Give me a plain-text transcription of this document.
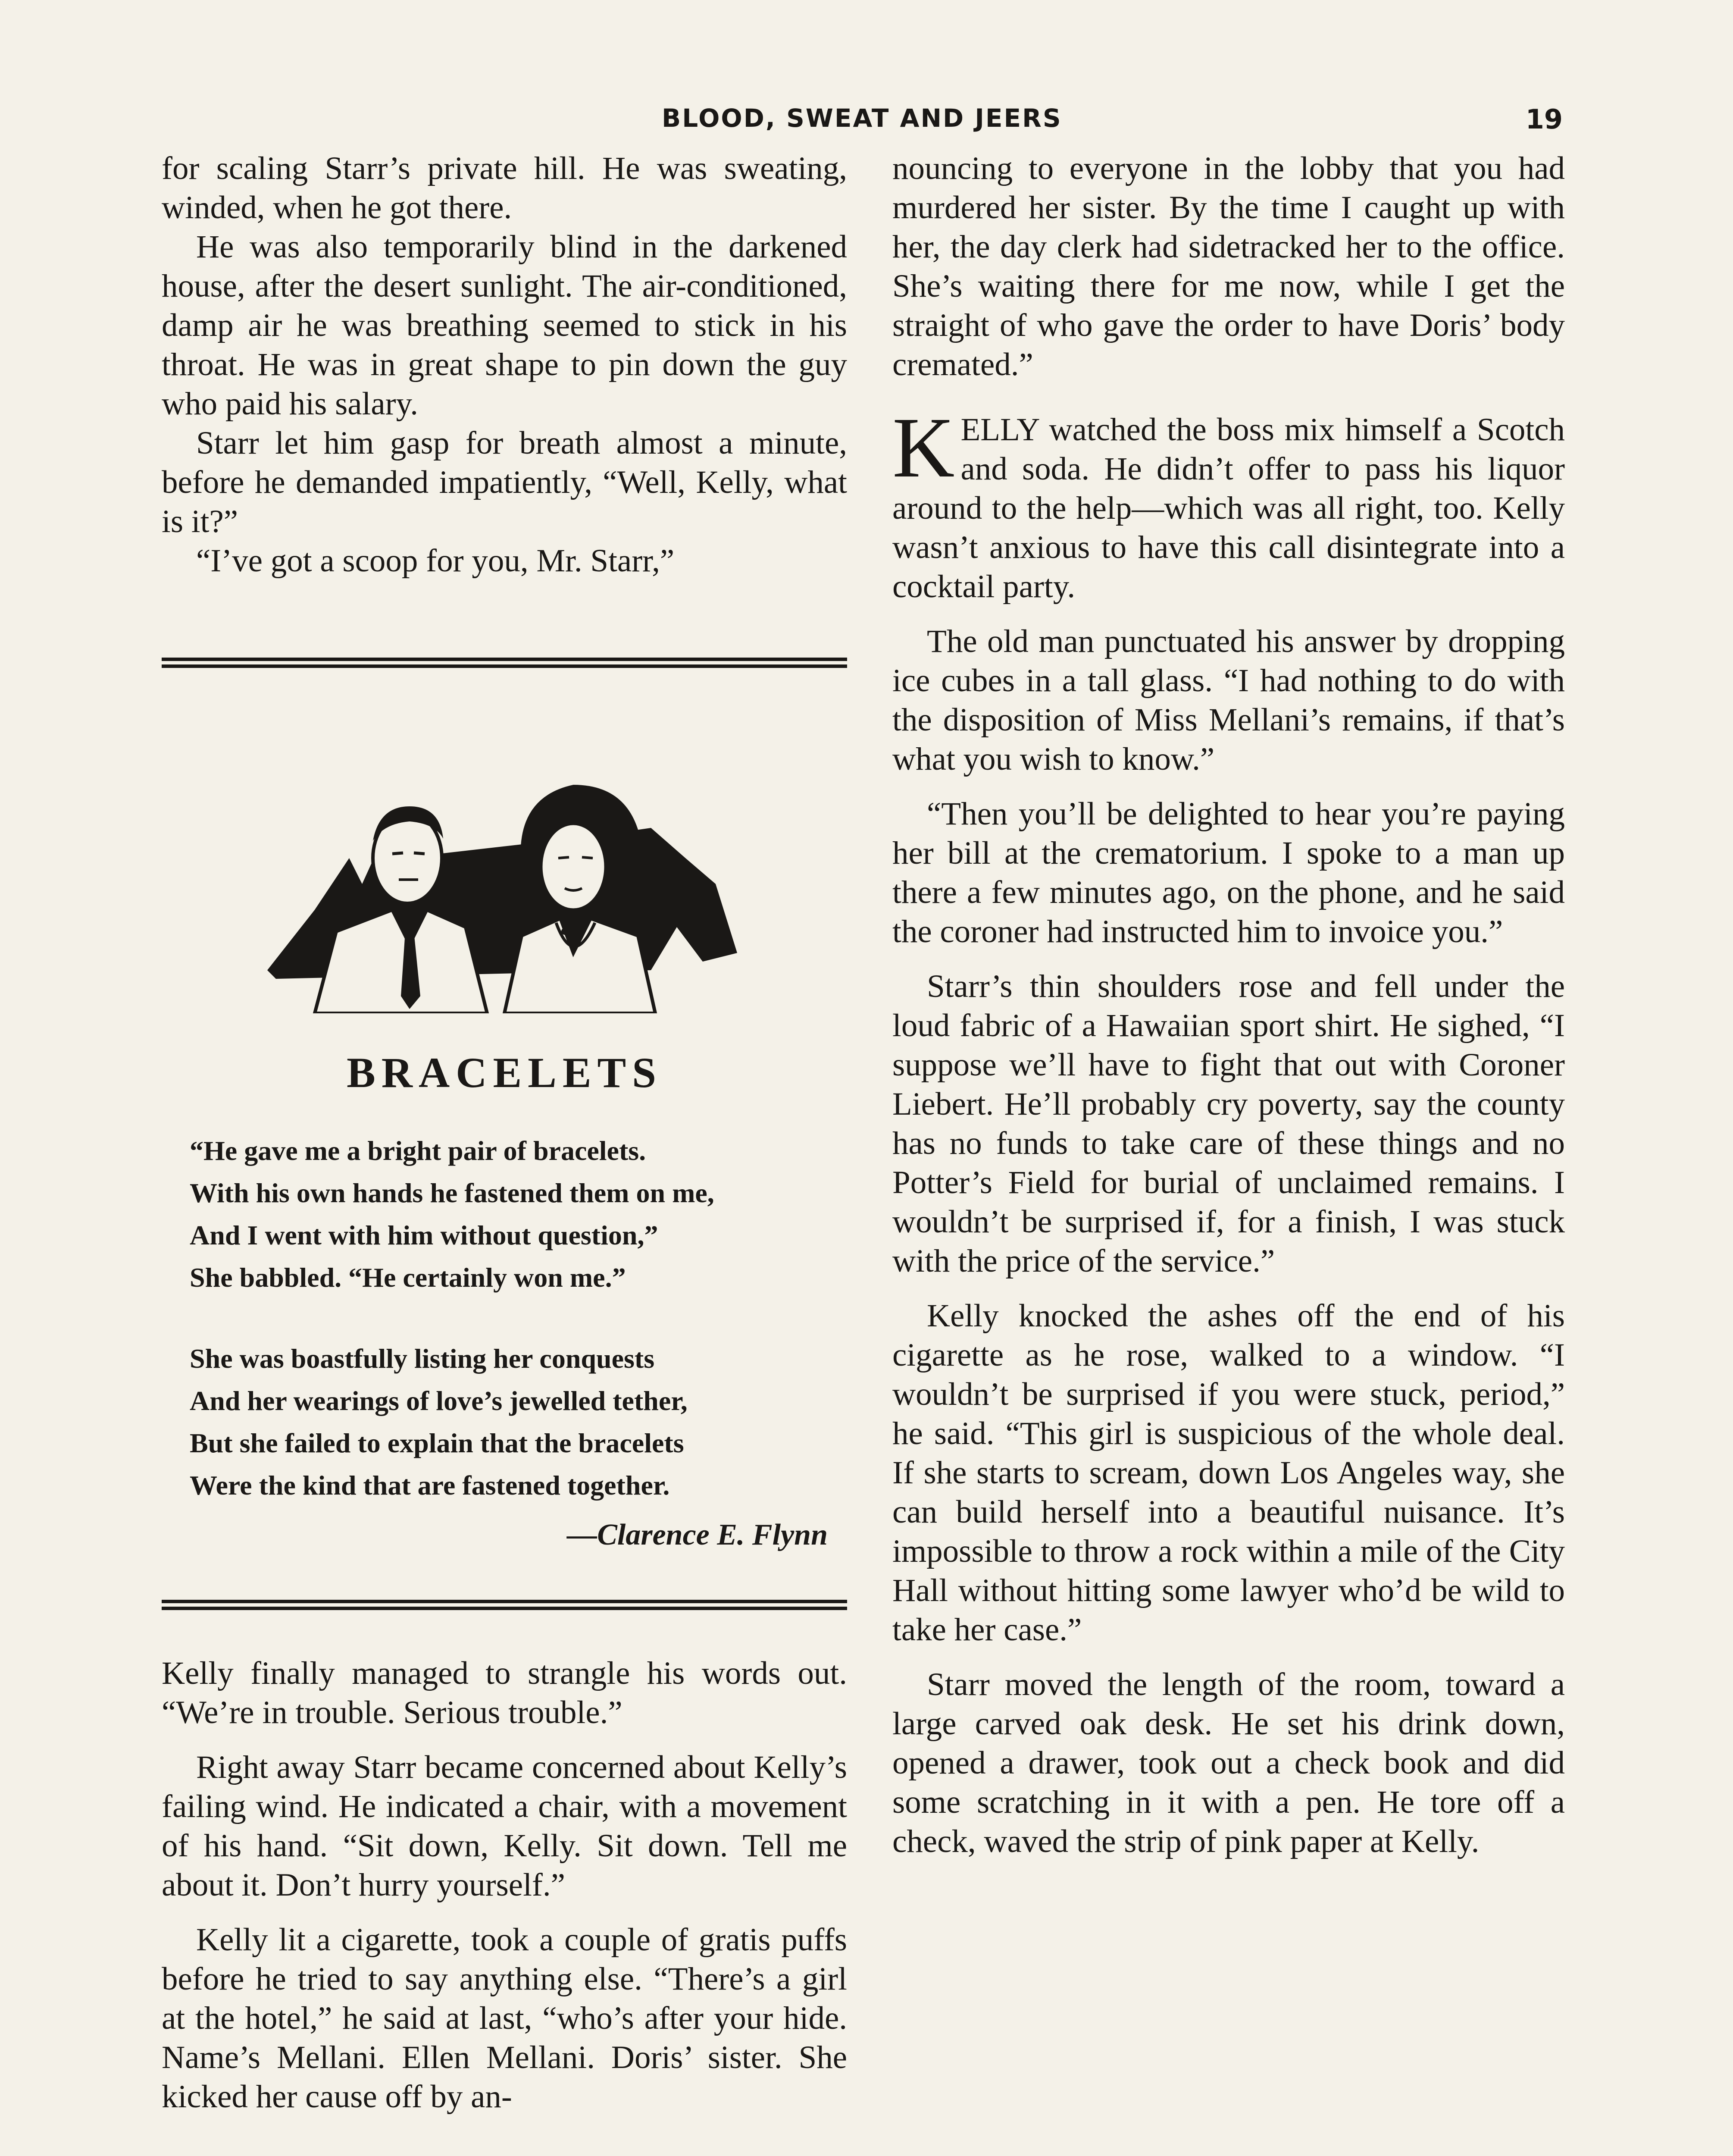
BLOOD, SWEAT AND JEERS	19

for scaling Starr’s private hill. He was sweating, winded, when he got there.

He was also temporarily blind in the darkened house, after the desert sunlight. The air-conditioned, damp air he was breathing seemed to stick in his throat. He was in great shape to pin down the guy who paid his salary.

Starr let him gasp for breath almost a minute, before he demanded impatiently, “Well, Kelly, what is it?”

“I’ve got a scoop for you, Mr. Starr,”

BRACELETS
“He gave me a bright pair of bracelets.
With his own hands he fastened them on me,
And I went with him without question,”
She babbled. “He certainly won me.”
She was boastfully listing her conquests
And her wearings of love’s jewelled tether,
But she failed to explain that the bracelets
Were the kind that are fastened together.
—Clarence E. Flynn

Kelly finally managed to strangle his words out. “We’re in trouble. Serious trouble.”

Right away Starr became concerned about Kelly’s failing wind. He indicated a chair, with a movement of his hand. “Sit down, Kelly. Sit down. Tell me about it. Don’t hurry yourself.”

Kelly lit a cigarette, took a couple of gratis puffs before he tried to say anything else. “There’s a girl at the hotel,” he said at last, “who’s after your hide. Name’s Mellani. Ellen Mellani. Doris’ sister. She kicked her cause off by an-

nouncing to everyone in the lobby that you had murdered her sister. By the time I caught up with her, the day clerk had sidetracked her to the office. She’s waiting there for me now, while I get the straight of who gave the order to have Doris’ body cremated.”

KELLY watched the boss mix himself a Scotch and soda. He didn’t offer to pass his liquor around to the help—which was all right, too. Kelly wasn’t anxious to have this call disintegrate into a cocktail party.

The old man punctuated his answer by dropping ice cubes in a tall glass. “I had nothing to do with the disposition of Miss Mellani’s remains, if that’s what you wish to know.”

“Then you’ll be delighted to hear you’re paying her bill at the crematorium. I spoke to a man up there a few minutes ago, on the phone, and he said the coroner had instructed him to invoice you.”

Starr’s thin shoulders rose and fell under the loud fabric of a Hawaiian sport shirt. He sighed, “I suppose we’ll have to fight that out with Coroner Liebert. He’ll probably cry poverty, say the county has no funds to take care of these things and no Potter’s Field for burial of unclaimed remains. I wouldn’t be surprised if, for a finish, I was stuck with the price of the service.”

Kelly knocked the ashes off the end of his cigarette as he rose, walked to a window. “I wouldn’t be surprised if you were stuck, period,” he said. “This girl is suspicious of the whole deal. If she starts to scream, down Los Angeles way, she can build herself into a beautiful nuisance. It’s impossible to throw a rock within a mile of the City Hall without hitting some lawyer who’d be wild to take her case.”

Starr moved the length of the room, toward a large carved oak desk. He set his drink down, opened a drawer, took out a check book and did some scratching in it with a pen. He tore off a check, waved the strip of pink paper at Kelly.
